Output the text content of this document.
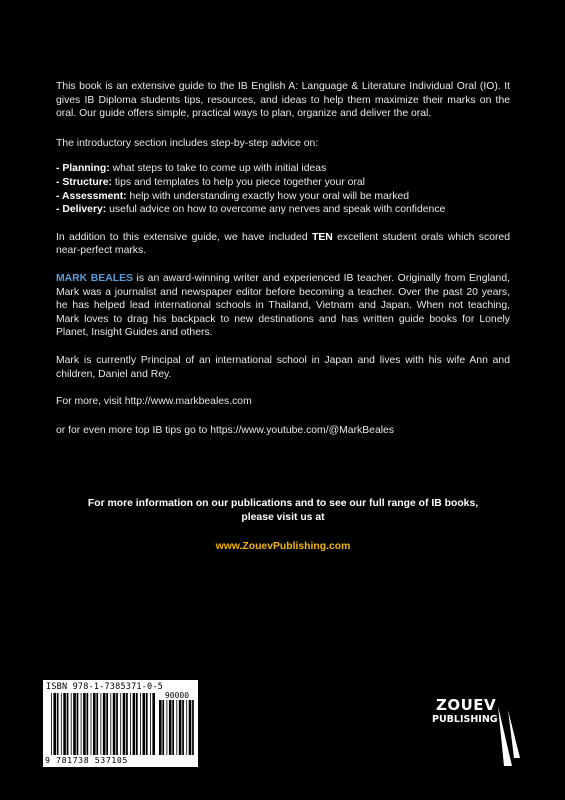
This book is an extensive guide to the IB English A: Language & Literature Individual Oral (IO). It gives IB Diploma students tips, resources, and ideas to help them maximize their marks on the oral. Our guide offers simple, practical ways to plan, organize and deliver the oral.

The introductory section includes step-by-step advice on:

- Planning: what steps to take to come up with initial ideas
- Structure: tips and templates to help you piece together your oral
- Assessment: help with understanding exactly how your oral will be marked
- Delivery: useful advice on how to overcome any nerves and speak with confidence

In addition to this extensive guide, we have included TEN excellent student orals which scored near-perfect marks.

MARK BEALES is an award-winning writer and experienced IB teacher. Originally from England, Mark was a journalist and newspaper editor before becoming a teacher. Over the past 20 years, he has helped lead international schools in Thailand, Vietnam and Japan. When not teaching, Mark loves to drag his backpack to new destinations and has written guide books for Lonely Planet, Insight Guides and others.

Mark is currently Principal of an international school in Japan and lives with his wife Ann and children, Daniel and Rey.

For more, visit http://www.markbeales.com

or for even more top IB tips go to https://www.youtube.com/@MarkBeales

For more information on our publications and to see our full range of IB books,
please visit us at
www.ZouevPublishing.com
ISBN 978-1-7385371-0-5
90000
9 781738 537105
ZOUEV
PUBLISHING
